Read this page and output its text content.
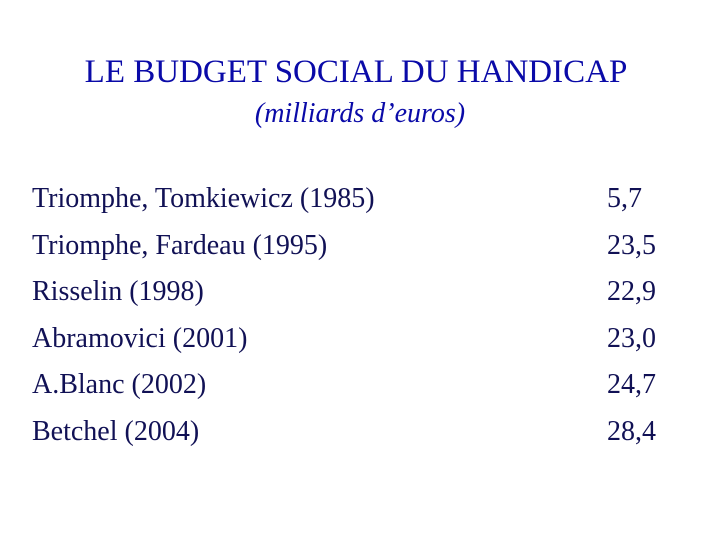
LE BUDGET SOCIAL DU HANDICAP
(milliards d’euros)
Triomphe, Tomkiewicz (1985)	5,7
Triomphe, Fardeau (1995)	23,5
Risselin (1998)	22,9
Abramovici (2001)	23,0
A.Blanc (2002)	24,7
Betchel (2004)	28,4
